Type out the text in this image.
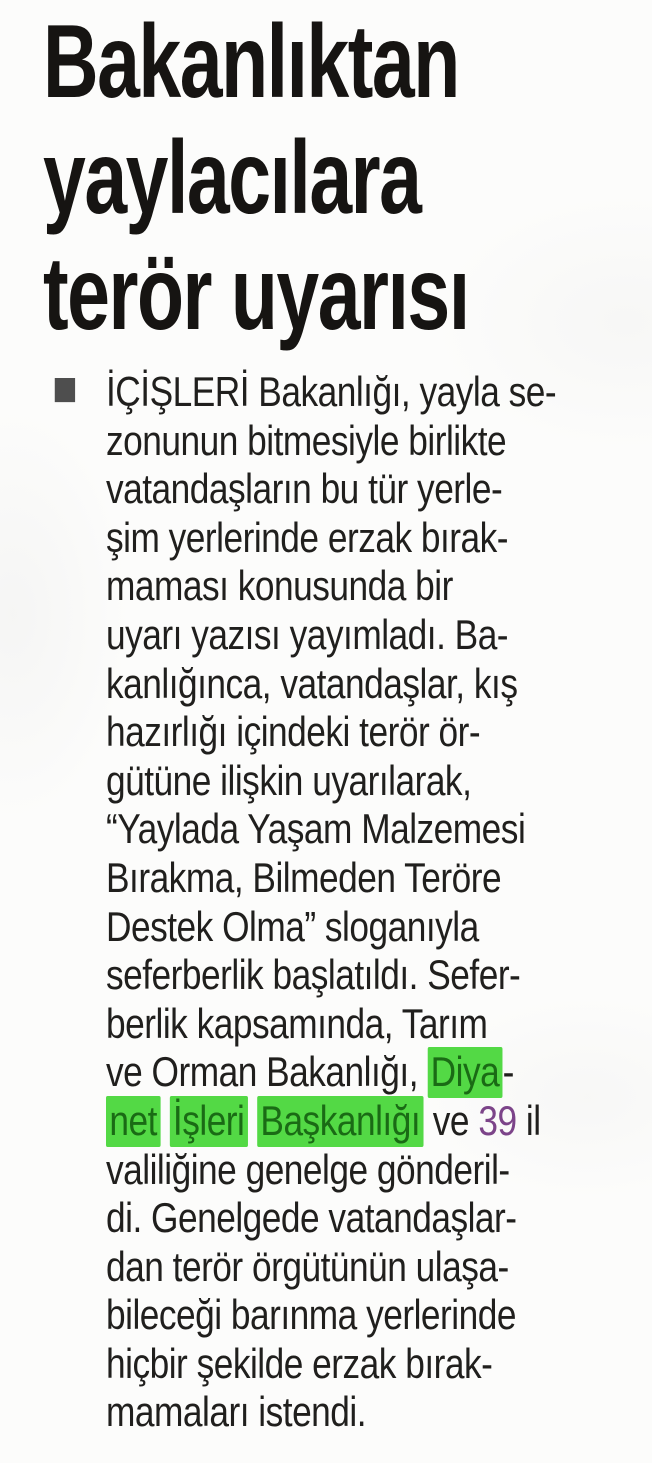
Bakanlıktan
yaylacılara
terör uyarısı
■ İÇİŞLERİ Bakanlığı, yayla se-
zonunun bitmesiyle birlikte
vatandaşların bu tür yerle-
şim yerlerinde erzak bırak-
maması konusunda bir
uyarı yazısı yayımladı. Ba-
kanlığınca, vatandaşlar, kış
hazırlığı içindeki terör ör-
gütüne ilişkin uyarılarak,
“Yaylada Yaşam Malzemesi
Bırakma, Bilmeden Teröre
Destek Olma” sloganıyla
seferberlik başlatıldı. Sefer-
berlik kapsamında, Tarım
ve Orman Bakanlığı, Diya-
net İşleri Başkanlığı ve 39 il
valiliğine genelge gönderil-
di. Genelgede vatandaşlar-
dan terör örgütünün ulaşa-
bileceği barınma yerlerinde
hiçbir şekilde erzak bırak-
mamaları istendi.
